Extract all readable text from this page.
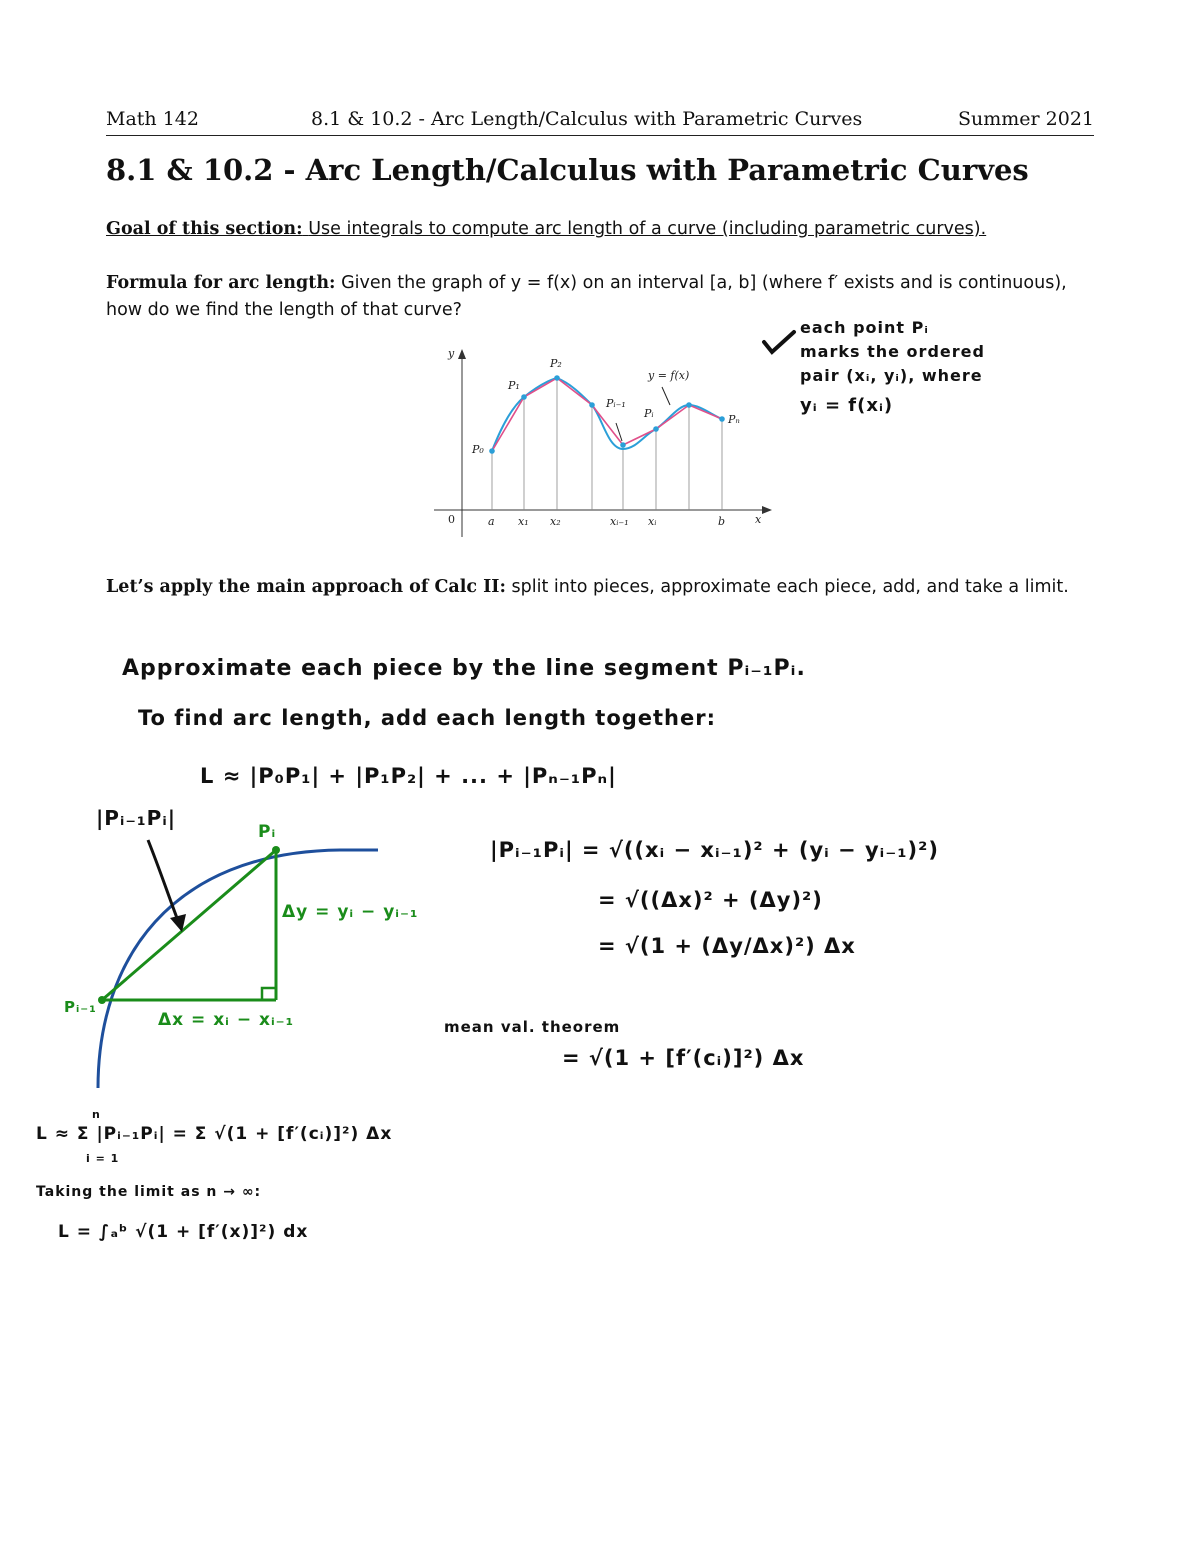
Math 142	8.1 & 10.2 - Arc Length/Calculus with Parametric Curves	Summer 2021
8.1 & 10.2 - Arc Length/Calculus with Parametric Curves
Goal of this section: Use integrals to compute arc length of a curve (including parametric curves).
Formula for arc length: Given the graph of y = f(x) on an interval [a, b] (where f′ exists and is continuous), how do we find the length of that curve?
y
x
0
y = f(x)
a x₁ x₂	xᵢ₋₁ xᵢ	b
P₀
P₁
P₂
Pᵢ₋₁
Pᵢ	Pₙ
each point Pᵢ
marks the ordered
pair (xᵢ, yᵢ), where
yᵢ = f(xᵢ)
Let’s apply the main approach of Calc II: split into pieces, approximate each piece, add, and take a limit.
Approximate each piece by the line segment Pᵢ₋₁Pᵢ.
To find arc length, add each length together:
L ≈ |P₀P₁| + |P₁P₂| + ... + |Pₙ₋₁Pₙ|
|Pᵢ₋₁Pᵢ|
Pᵢ
Pᵢ₋₁
Δy = yᵢ − yᵢ₋₁
Δx = xᵢ − xᵢ₋₁
|Pᵢ₋₁Pᵢ| = √((xᵢ − xᵢ₋₁)² + (yᵢ − yᵢ₋₁)²)
= √((Δx)² + (Δy)²)
= √(1 + (Δy/Δx)²) Δx
mean val. theorem
= √(1 + [f′(cᵢ)]²) Δx
n
L ≈ Σ |Pᵢ₋₁Pᵢ| = Σ √(1 + [f′(cᵢ)]²) Δx
i = 1
Taking the limit as n → ∞:
L = ∫ₐᵇ √(1 + [f′(x)]²) dx
